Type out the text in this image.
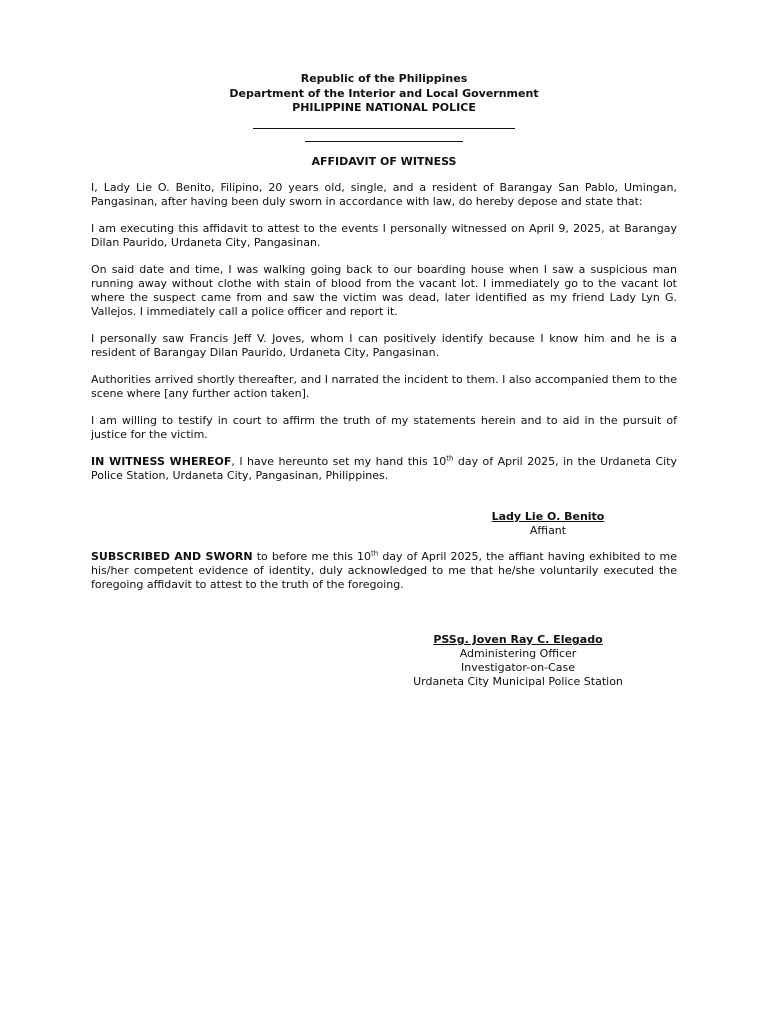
Republic of the Philippines
Department of the Interior and Local Government
PHILIPPINE NATIONAL POLICE
AFFIDAVIT OF WITNESS

I, Lady Lie O. Benito, Filipino, 20 years old, single, and a resident of Barangay San Pablo, Umingan, Pangasinan, after having been duly sworn in accordance with law, do hereby depose and state that:

I am executing this affidavit to attest to the events I personally witnessed on April 9, 2025, at Barangay Dilan Paurido, Urdaneta City, Pangasinan.

On said date and time, I was walking going back to our boarding house when I saw a suspicious man running away without clothe with stain of blood from the vacant lot. I immediately go to the vacant lot where the suspect came from and saw the victim was dead, later identified as my friend Lady Lyn G. Vallejos. I immediately call a police officer and report it.

I personally saw Francis Jeff V. Joves, whom I can positively identify because I know him and he is a resident of Barangay Dilan Paurido, Urdaneta City, Pangasinan.

Authorities arrived shortly thereafter, and I narrated the incident to them. I also accompanied them to the scene where [any further action taken].

I am willing to testify in court to affirm the truth of my statements herein and to aid in the pursuit of justice for the victim.

IN WITNESS WHEREOF, I have hereunto set my hand this 10th day of April 2025, in the Urdaneta City Police Station, Urdaneta City, Pangasinan, Philippines.

Lady Lie O. Benito
Affiant

SUBSCRIBED AND SWORN to before me this 10th day of April 2025, the affiant having exhibited to me his/her competent evidence of identity, duly acknowledged to me that he/she voluntarily executed the foregoing affidavit to attest to the truth of the foregoing.

PSSg. Joven Ray C. Elegado
Administering Officer
Investigator-on-Case
Urdaneta City Municipal Police Station
